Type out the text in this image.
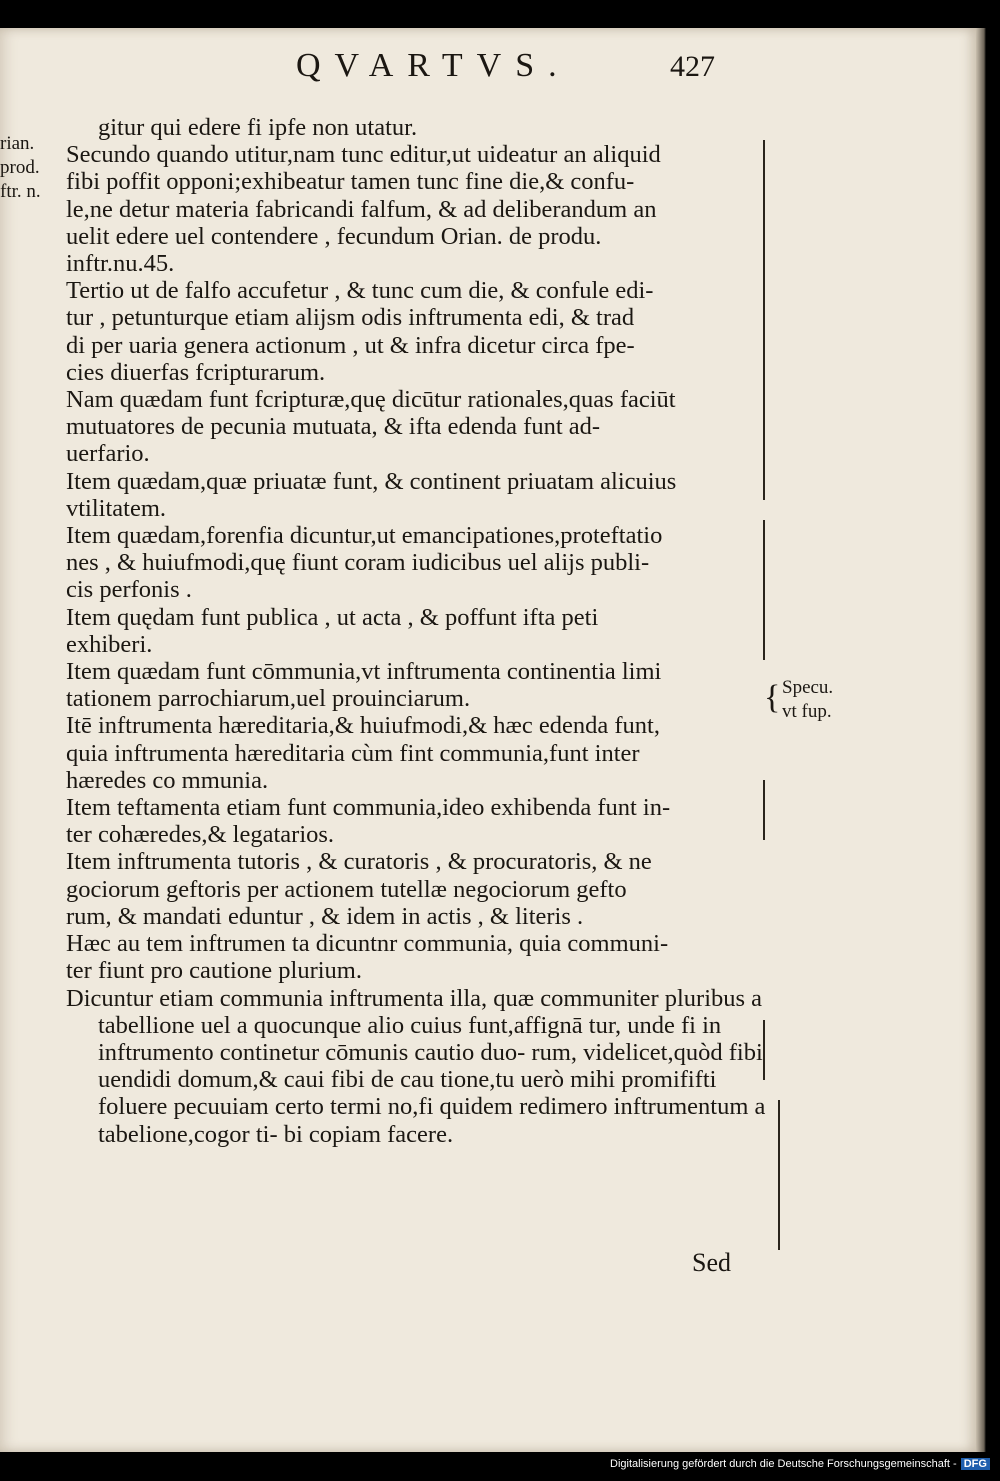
QVARTVS.	427
rian.
prod.
ftr. n.
{ Specu.
vt fup.

gitur qui edere fi ipfe non utatur.

Secundo quando utitur,nam tunc editur,ut uideatur an aliquid
fibi poffit opponi;exhibeatur tamen tunc fine die,& confu-
le,ne detur materia fabricandi falfum, & ad deliberandum an
uelit edere uel contendere , fecundum Orian. de produ.
inftr.nu.45.

Tertio ut de falfo accufetur , & tunc cum die, & confule edi-
tur , petunturque etiam alijsm odis inftrumenta edi, & trad
di per uaria genera actionum , ut & infra dicetur circa fpe-
cies diuerfas fcripturarum.

Nam quædam funt fcripturæ,quę dicūtur rationales,quas faciūt
mutuatores de pecunia mutuata, & ifta edenda funt ad-
uerfario.

Item quædam,quæ priuatæ funt, & continent priuatam alicuius
vtilitatem.

Item quædam,forenfia dicuntur,ut emancipationes,proteftatio
nes , & huiufmodi,quę fiunt coram iudicibus uel alijs publi-
cis perfonis .

Item quędam funt publica , ut acta , & poffunt ifta peti
exhiberi.

Item quædam funt cōmmunia,vt inftrumenta continentia limi
tationem parrochiarum,uel prouinciarum.

Itē inftrumenta hæreditaria,& huiufmodi,& hæc edenda funt,
quia inftrumenta hæreditaria cùm fint communia,funt inter
hæredes co mmunia.

Item teftamenta etiam funt communia,ideo exhibenda funt in-
ter cohæredes,& legatarios.

Item inftrumenta tutoris , & curatoris , & procuratoris, & ne
gociorum geftoris per actionem tutellæ negociorum gefto
rum, & mandati eduntur , & idem in actis , & literis .

Hæc au tem inftrumen ta dicuntnr communia, quia communi-
ter fiunt pro cautione plurium.

Dicuntur etiam communia inftrumenta illa, quæ communiter pluribus a tabellione uel a quocunque alio cuius funt,affignā tur, unde fi in inftrumento continetur cōmunis cautio duo- rum, videlicet,quòd fibi uendidi domum,& caui fibi de cau tione,tu uerò mihi promififti foluere pecuuiam certo termi no,fi quidem redimero inftrumentum a tabelione,cogor ti- bi copiam facere.

Sed
Digitalisierung gefördert durch die Deutsche Forschungsgemeinschaft - DFG
